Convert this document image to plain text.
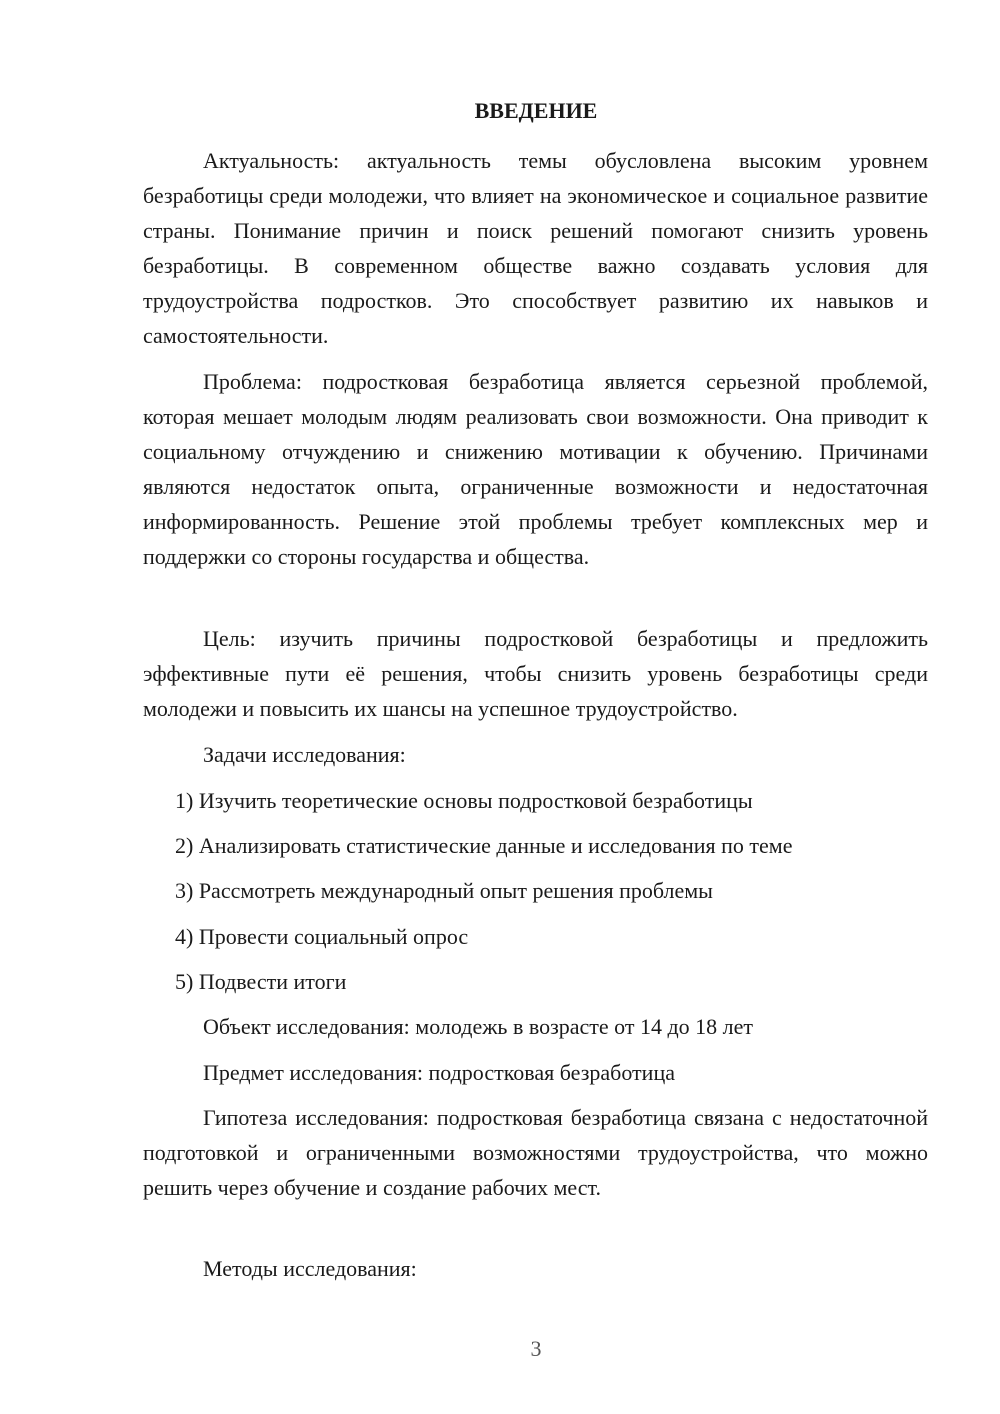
ВВЕДЕНИЕ

Актуальность: актуальность темы обусловлена высоким уровнем безработицы среди молодежи, что влияет на экономическое и социальное развитие страны. Понимание причин и поиск решений помогают снизить уровень безработицы. В современном обществе важно создавать условия для трудоустройства подростков. Это способствует развитию их навыков и самостоятельности.

Проблема: подростковая безработица является серьезной проблемой, которая мешает молодым людям реализовать свои возможности. Она приводит к социальному отчуждению и снижению мотивации к обучению. Причинами являются недостаток опыта, ограниченные возможности и недостаточная информированность. Решение этой проблемы требует комплексных мер и поддержки со стороны государства и общества.

Цель: изучить причины подростковой безработицы и предложить эффективные пути её решения, чтобы снизить уровень безработицы среди молодежи и повысить их шансы на успешное трудоустройство.

Задачи исследования:
1) Изучить теоретические основы подростковой безработицы
2) Анализировать статистические данные и исследования по теме
3) Рассмотреть международный опыт решения проблемы
4) Провести социальный опрос
5) Подвести итоги
Объект исследования: молодежь в возрасте от 14 до 18 лет
Предмет исследования: подростковая безработица

Гипотеза исследования: подростковая безработица связана с недостаточной подготовкой и ограниченными возможностями трудоустройства, что можно решить через обучение и создание рабочих мест.

Методы исследования:
3
